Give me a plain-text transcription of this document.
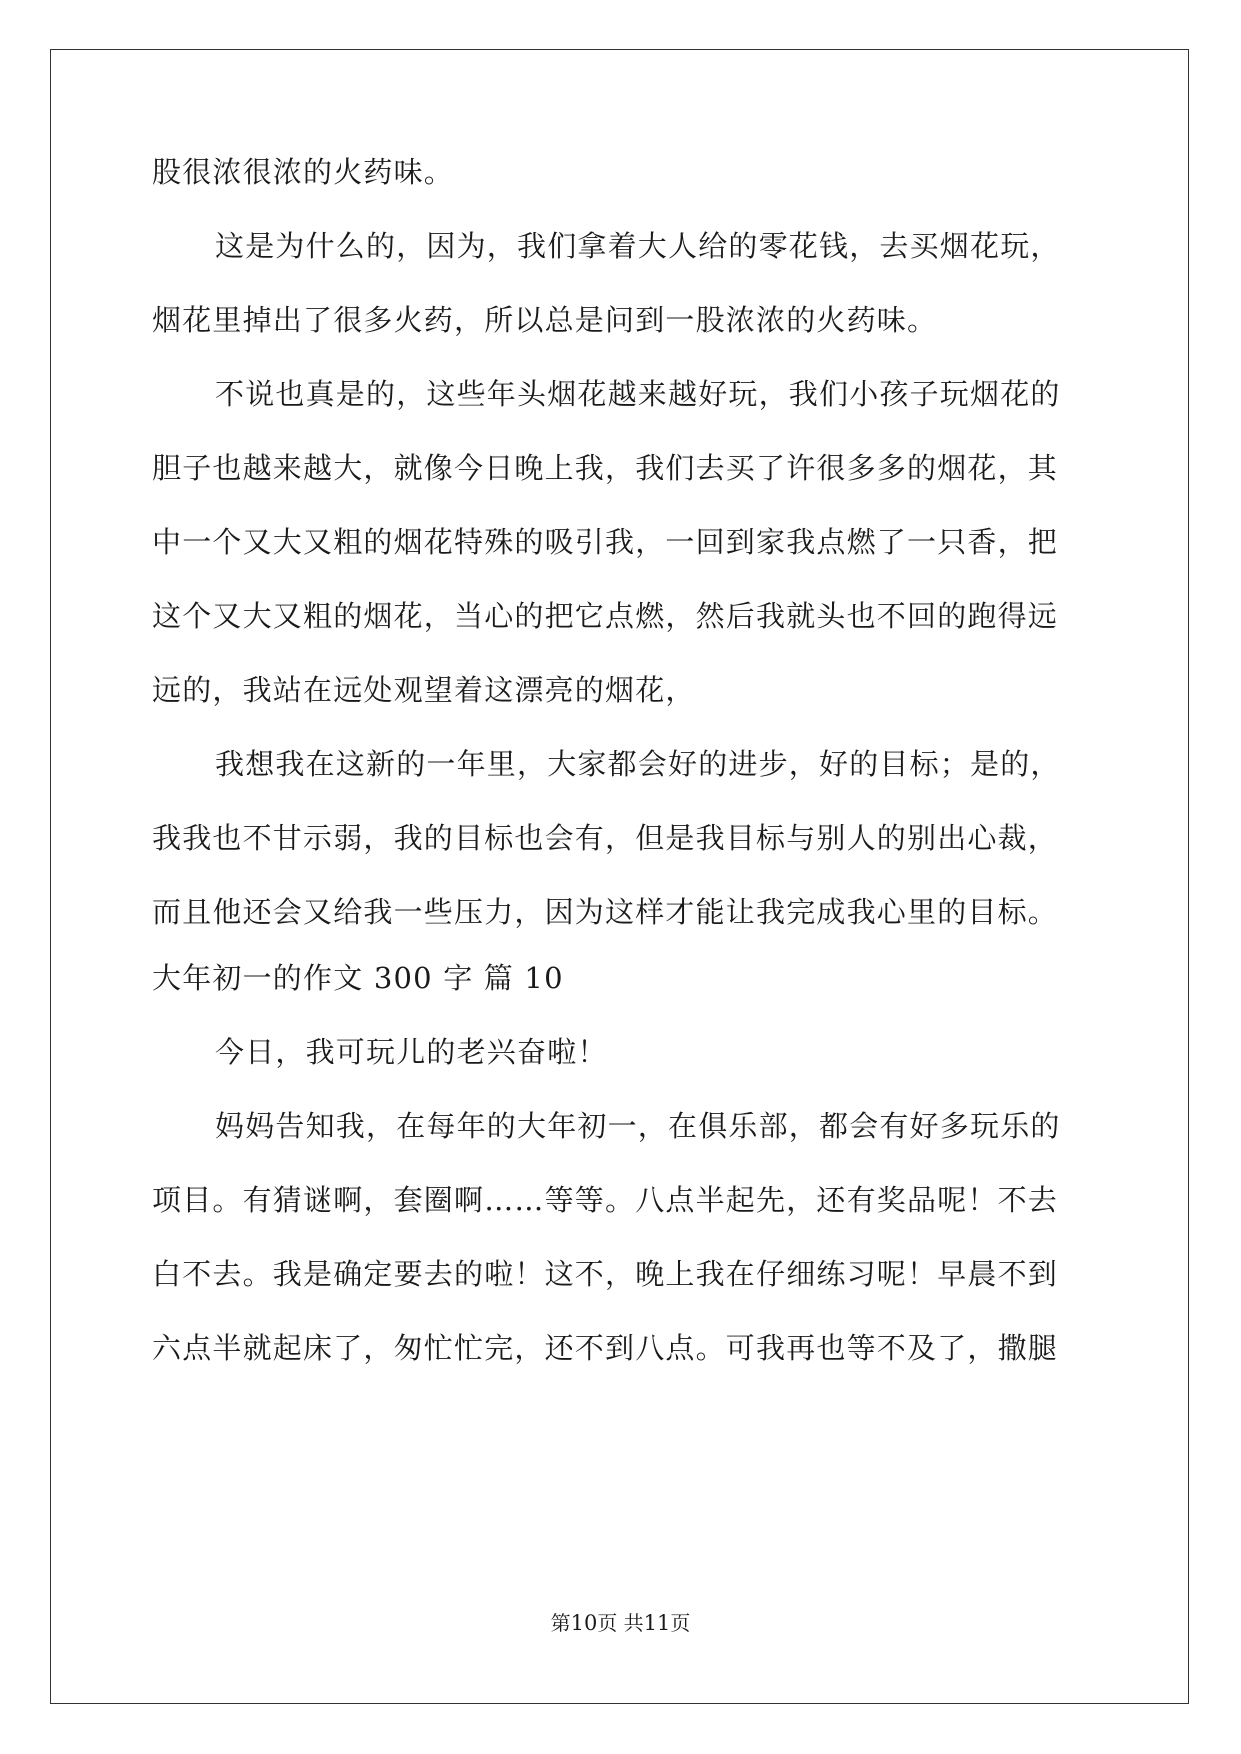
股很浓很浓的火药味。
这是为什么的，因为，我们拿着大人给的零花钱，去买烟花玩，
烟花里掉出了很多火药，所以总是问到一股浓浓的火药味。
不说也真是的，这些年头烟花越来越好玩，我们小孩子玩烟花的
胆子也越来越大，就像今日晚上我，我们去买了许很多多的烟花，其
中一个又大又粗的烟花特殊的吸引我，一回到家我点燃了一只香，把
这个又大又粗的烟花，当心的把它点燃，然后我就头也不回的跑得远
远的，我站在远处观望着这漂亮的烟花，
我想我在这新的一年里，大家都会好的进步，好的目标；是的，
我我也不甘示弱，我的目标也会有，但是我目标与别人的别出心裁，
而且他还会又给我一些压力，因为这样才能让我完成我心里的目标。
大年初一的作文 300 字 篇 10
今日，我可玩儿的老兴奋啦！
妈妈告知我，在每年的大年初一，在俱乐部，都会有好多玩乐的
项目。有猜谜啊，套圈啊……等等。八点半起先，还有奖品呢！不去
白不去。我是确定要去的啦！这不，晚上我在仔细练习呢！早晨不到
六点半就起床了，匆忙忙完，还不到八点。可我再也等不及了，撒腿
第10页 共11页
